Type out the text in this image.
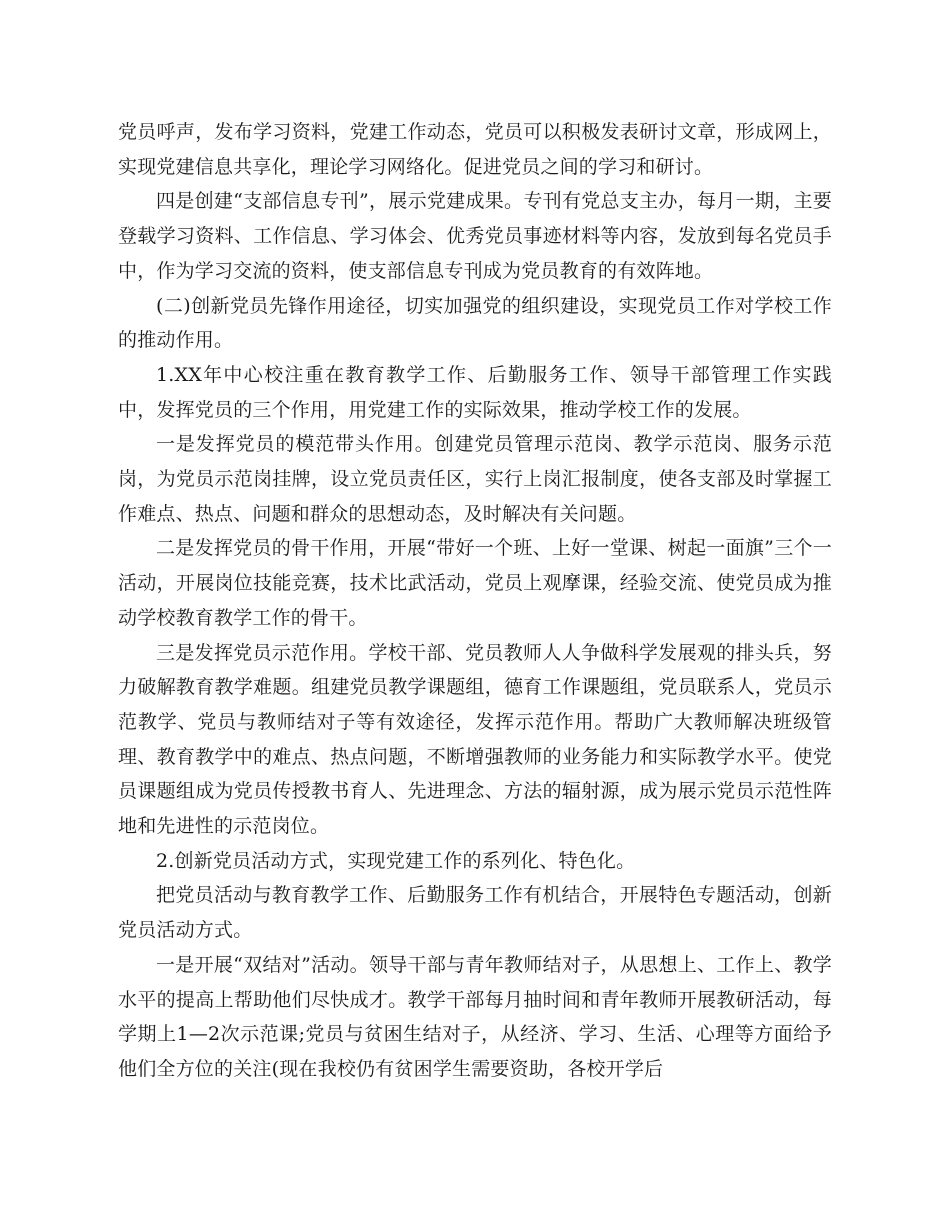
党员呼声，发布学习资料，党建工作动态，党员可以积极发表研讨文章，形成网上，实现党建信息共享化，理论学习网络化。促进党员之间的学习和研讨。

四是创建“支部信息专刊”，展示党建成果。专刊有党总支主办，每月一期，主要登载学习资料、工作信息、学习体会、优秀党员事迹材料等内容，发放到每名党员手中，作为学习交流的资料，使支部信息专刊成为党员教育的有效阵地。

(二)创新党员先锋作用途径，切实加强党的组织建设，实现党员工作对学校工作的推动作用。

1.XX年中心校注重在教育教学工作、后勤服务工作、领导干部管理工作实践中，发挥党员的三个作用，用党建工作的实际效果，推动学校工作的发展。

一是发挥党员的模范带头作用。创建党员管理示范岗、教学示范岗、服务示范岗，为党员示范岗挂牌，设立党员责任区，实行上岗汇报制度，使各支部及时掌握工作难点、热点、问题和群众的思想动态，及时解决有关问题。

二是发挥党员的骨干作用，开展“带好一个班、上好一堂课、树起一面旗”三个一活动，开展岗位技能竞赛，技术比武活动，党员上观摩课，经验交流、使党员成为推动学校教育教学工作的骨干。

三是发挥党员示范作用。学校干部、党员教师人人争做科学发展观的排头兵，努力破解教育教学难题。组建党员教学课题组，德育工作课题组，党员联系人，党员示范教学、党员与教师结对子等有效途径，发挥示范作用。帮助广大教师解决班级管理、教育教学中的难点、热点问题，不断增强教师的业务能力和实际教学水平。使党员课题组成为党员传授教书育人、先进理念、方法的辐射源，成为展示党员示范性阵地和先进性的示范岗位。

2.创新党员活动方式，实现党建工作的系列化、特色化。

把党员活动与教育教学工作、后勤服务工作有机结合，开展特色专题活动，创新党员活动方式。

一是开展“双结对”活动。领导干部与青年教师结对子，从思想上、工作上、教学水平的提高上帮助他们尽快成才。教学干部每月抽时间和青年教师开展教研活动，每学期上1—2次示范课;党员与贫困生结对子，从经济、学习、生活、心理等方面给予他们全方位的关注(现在我校仍有贫困学生需要资助，各校开学后
